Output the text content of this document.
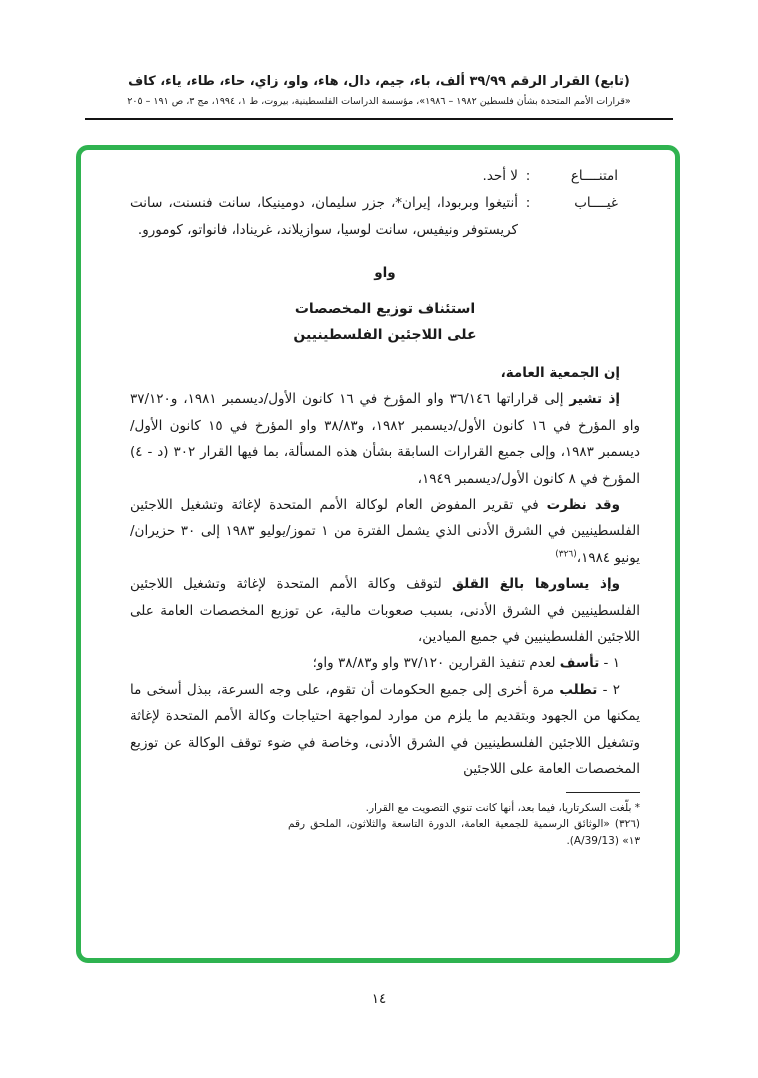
(تابع) القرار الرقم ٣٩/٩٩ ألف، باء، جيم، دال، هاء، واو، زاي، حاء، طاء، ياء، كاف
«قرارات الأمم المتحدة بشأن فلسطين ١٩٨٢ – ١٩٨٦»، مؤسسة الدراسات الفلسطينية، بيروت، ط ١، ١٩٩٤، مج ٣، ص ١٩١ – ٢٠٥
امتنــــاع
:
لا أحد.
غيــــاب
:
أنتيغوا وبربودا، إيران*، جزر سليمان، دومينيكا، سانت فنسنت، سانت كريستوفر ونيفيس، سانت لوسيا، سوازيلاند، غرينادا، فانواتو، كومورو.
واو
استئناف توزيع المخصصات
على اللاجئين الفلسطينيين

إن الجمعية العامة،

إذ تشير إلى قراراتها ٣٦/١٤٦ واو المؤرخ في ١٦ كانون الأول/ديسمبر ١٩٨١، و٣٧/١٢٠ واو المؤرخ في ١٦ كانون الأول/ديسمبر ١٩٨٢، و٣٨/٨٣ واو المؤرخ في ١٥ كانون الأول/ديسمبر ١٩٨٣، وإلى جميع القرارات السابقة بشأن هذه المسألة، بما فيها القرار ٣٠٢ (د - ٤) المؤرخ في ٨ كانون الأول/ديسمبر ١٩٤٩،

وقد نظرت في تقرير المفوض العام لوكالة الأمم المتحدة لإغاثة وتشغيل اللاجئين الفلسطينيين في الشرق الأدنى الذي يشمل الفترة من ١ تموز/يوليو ١٩٨٣ إلى ٣٠ حزيران/يونيو ١٩٨٤،$^{(٣٢٦)}$

وإذ يساورها بالغ القلق لتوقف وكالة الأمم المتحدة لإغاثة وتشغيل اللاجئين الفلسطينيين في الشرق الأدنى، بسبب صعوبات مالية، عن توزيع المخصصات العامة على اللاجئين الفلسطينيين في جميع الميادين،

١ - تأسف لعدم تنفيذ القرارين ٣٧/١٢٠ واو و٣٨/٨٣ واو؛

٢ - تطلب مرة أخرى إلى جميع الحكومات أن تقوم، على وجه السرعة، ببذل أسخى ما يمكنها من الجهود وبتقديم ما يلزم من موارد لمواجهة احتياجات وكالة الأمم المتحدة لإغاثة وتشغيل اللاجئين الفلسطينيين في الشرق الأدنى، وخاصة في ضوء توقف الوكالة عن توزيع المخصصات العامة على اللاجئين

* بلّغت السكرتاريا، فيما بعد، أنها كانت تنوي التصويت مع القرار.

(٣٢٦) «الوثائق الرسمية للجمعية العامة، الدورة التاسعة والثلاثون، الملحق رقم ١٣» (A/39/13).

١٤
